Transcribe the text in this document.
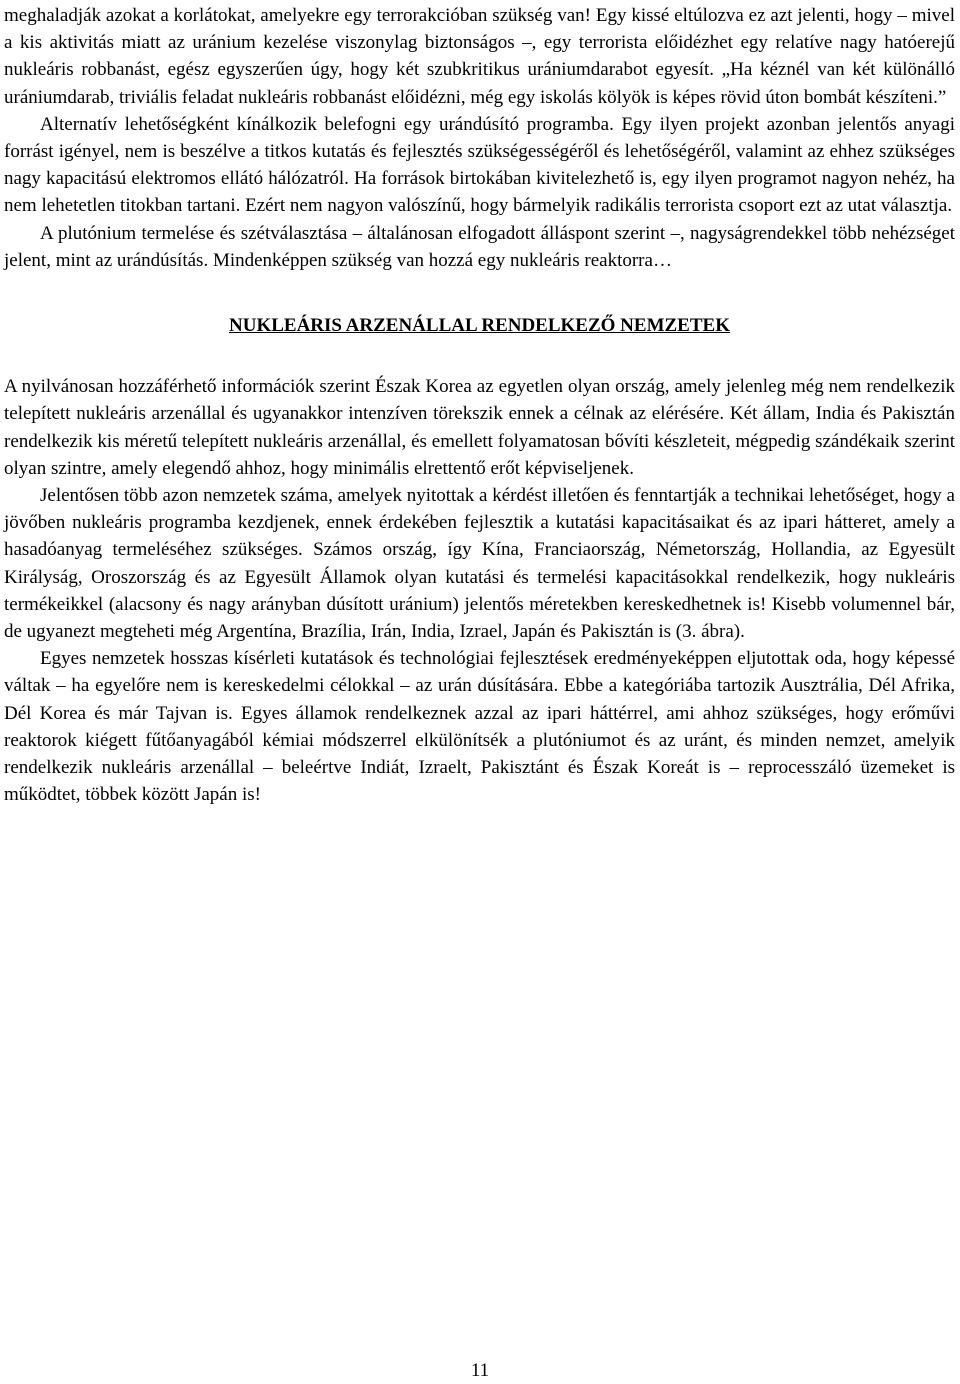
meghaladják azokat a korlátokat, amelyekre egy terrorakcióban szükség van! Egy kissé eltúlozva ez azt jelenti, hogy – mivel a kis aktivitás miatt az uránium kezelése viszonylag biztonságos –, egy terrorista előidézhet egy relatíve nagy hatóerejű nukleáris robbanást, egész egyszerűen úgy, hogy két szubkritikus urániumdarabot egyesít. „Ha kéznél van két különálló urániumdarab, triviális feladat nukleáris robbanást előidézni, még egy iskolás kölyök is képes rövid úton bombát készíteni.”

Alternatív lehetőségként kínálkozik belefogni egy urándúsító programba. Egy ilyen projekt azonban jelentős anyagi forrást igényel, nem is beszélve a titkos kutatás és fejlesztés szükségességéről és lehetőségéről, valamint az ehhez szükséges nagy kapacitású elektromos ellátó hálózatról. Ha források birtokában kivitelezhető is, egy ilyen programot nagyon nehéz, ha nem lehetetlen titokban tartani. Ezért nem nagyon valószínű, hogy bármelyik radikális terrorista csoport ezt az utat választja.

A plutónium termelése és szétválasztása – általánosan elfogadott álláspont szerint –, nagyságrendekkel több nehézséget jelent, mint az urándúsítás. Mindenképpen szükség van hozzá egy nukleáris reaktorra…

NUKLEÁRIS ARZENÁLLAL RENDELKEZŐ NEMZETEK

A nyilvánosan hozzáférhető információk szerint Észak Korea az egyetlen olyan ország, amely jelenleg még nem rendelkezik telepített nukleáris arzenállal és ugyanakkor intenzíven törekszik ennek a célnak az elérésére. Két állam, India és Pakisztán rendelkezik kis méretű telepített nukleáris arzenállal, és emellett folyamatosan bővíti készleteit, mégpedig szándékaik szerint olyan szintre, amely elegendő ahhoz, hogy minimális elrettentő erőt képviseljenek.

Jelentősen több azon nemzetek száma, amelyek nyitottak a kérdést illetően és fenntartják a technikai lehetőséget, hogy a jövőben nukleáris programba kezdjenek, ennek érdekében fejlesztik a kutatási kapacitásaikat és az ipari hátteret, amely a hasadóanyag termeléséhez szükséges. Számos ország, így Kína, Franciaország, Németország, Hollandia, az Egyesült Királyság, Oroszország és az Egyesült Államok olyan kutatási és termelési kapacitásokkal rendelkezik, hogy nukleáris termékeikkel (alacsony és nagy arányban dúsított uránium) jelentős méretekben kereskedhetnek is! Kisebb volumennel bár, de ugyanezt megteheti még Argentína, Brazília, Irán, India, Izrael, Japán és Pakisztán is (3. ábra).

Egyes nemzetek hosszas kísérleti kutatások és technológiai fejlesztések eredményeképpen eljutottak oda, hogy képessé váltak – ha egyelőre nem is kereskedelmi célokkal – az urán dúsítására. Ebbe a kategóriába tartozik Ausztrália, Dél Afrika, Dél Korea és már Tajvan is. Egyes államok rendelkeznek azzal az ipari háttérrel, ami ahhoz szükséges, hogy erőművi reaktorok kiégett fűtőanyagából kémiai módszerrel elkülönítsék a plutóniumot és az uránt, és minden nemzet, amelyik rendelkezik nukleáris arzenállal – beleértve Indiát, Izraelt, Pakisztánt és Észak Koreát is – reprocesszáló üzemeket is működtet, többek között Japán is!

11
